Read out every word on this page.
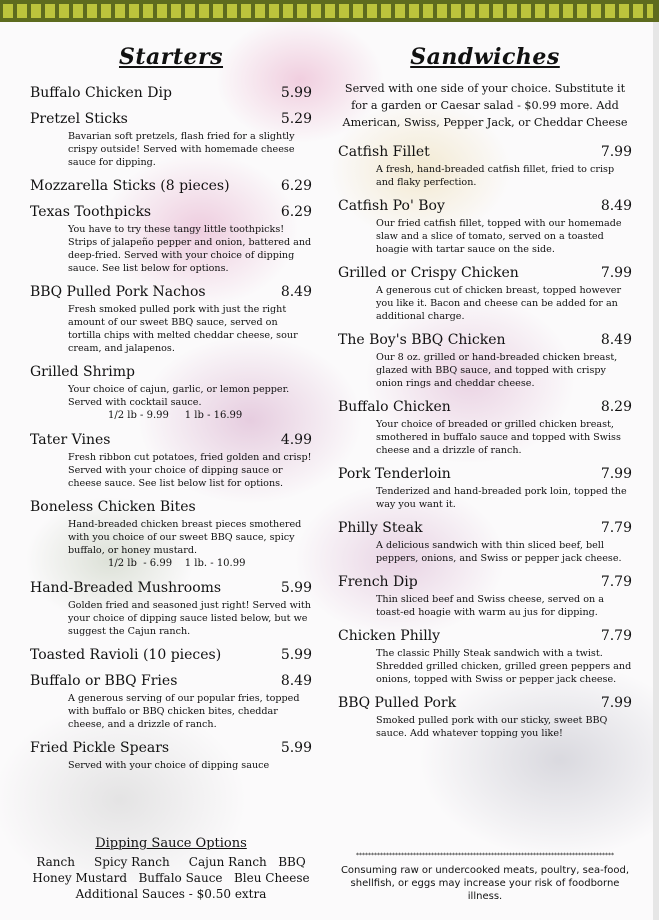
Starters
Buffalo Chicken Dip	5.99
Pretzel Sticks	5.29
Bavarian soft pretzels, flash fried for a slightly crispy outside! Served with homemade cheese sauce for dipping.
Mozzarella Sticks (8 pieces)	6.29
Texas Toothpicks	6.29
You have to try these tangy little toothpicks! Strips of jalapeño pepper and onion, battered and deep-fried. Served with your choice of dipping sauce. See list below for options.
BBQ Pulled Pork Nachos	8.49
Fresh smoked pulled pork with just the right amount of our sweet BBQ sauce, served on tortilla chips with melted cheddar cheese, sour cream, and jalapenos.
Grilled Shrimp
Your choice of cajun, garlic, or lemon pepper. Served with cocktail sauce.
1/2 lb - 9.99     1 lb - 16.99
Tater Vines	4.99
Fresh ribbon cut potatoes, fried golden and crisp! Served with your choice of dipping sauce or cheese sauce. See list below list for options.
Boneless Chicken Bites
Hand-breaded chicken breast pieces smothered with you choice of our sweet BBQ sauce, spicy buffalo, or honey mustard.
1/2 lb  - 6.99    1 lb. - 10.99
Hand-Breaded Mushrooms	5.99
Golden fried and seasoned just right! Served with your choice of dipping sauce listed below, but we suggest the Cajun ranch.
Toasted Ravioli (10 pieces)	5.99
Buffalo or BBQ Fries	8.49
A generous serving of our popular fries, topped with buffalo or BBQ chicken bites, cheddar cheese, and a drizzle of ranch.
Fried Pickle Spears	5.99
Served with your choice of dipping sauce
Dipping Sauce Options
Ranch     Spicy Ranch     Cajun Ranch   BBQ
Honey Mustard   Buffalo Sauce   Bleu Cheese
Additional Sauces - $0.50 extra
Sandwiches
Served with one side of your choice. Substitute it for a garden or Caesar salad - $0.99 more. Add American, Swiss, Pepper Jack, or Cheddar Cheese
Catfish Fillet	7.99
A fresh, hand-breaded catfish fillet, fried to crisp and flaky perfection.
Catfish Po' Boy	8.49
Our fried catfish fillet, topped with our homemade slaw and a slice of tomato, served on a toasted hoagie with tartar sauce on the side.
Grilled or Crispy Chicken	7.99
A generous cut of chicken breast, topped however you like it. Bacon and cheese can be added for an additional charge.
The Boy's BBQ Chicken	8.49
Our 8 oz. grilled or hand-breaded chicken breast, glazed with BBQ sauce, and topped with crispy onion rings and cheddar cheese.
Buffalo Chicken	8.29
Your choice of breaded or grilled chicken breast, smothered in buffalo sauce and topped with Swiss cheese and a drizzle of ranch.
Pork Tenderloin	7.99
Tenderized and hand-breaded pork loin, topped the way you want it.
Philly Steak	7.79
A delicious sandwich with thin sliced beef, bell peppers, onions, and Swiss or pepper jack cheese.
French Dip	7.79
Thin sliced beef and Swiss cheese, served on a toast-ed hoagie with warm au jus for dipping.
Chicken Philly	7.79
The classic Philly Steak sandwich with a twist. Shredded grilled chicken, grilled green peppers and onions, topped with Swiss or pepper jack cheese.
BBQ Pulled Pork	7.99
Smoked pulled pork with our sticky, sweet BBQ sauce. Add whatever topping you like!
**************************************************************************************
Consuming raw or undercooked meats, poultry, sea-food, shellfish, or eggs may increase your risk of foodborne illness.
